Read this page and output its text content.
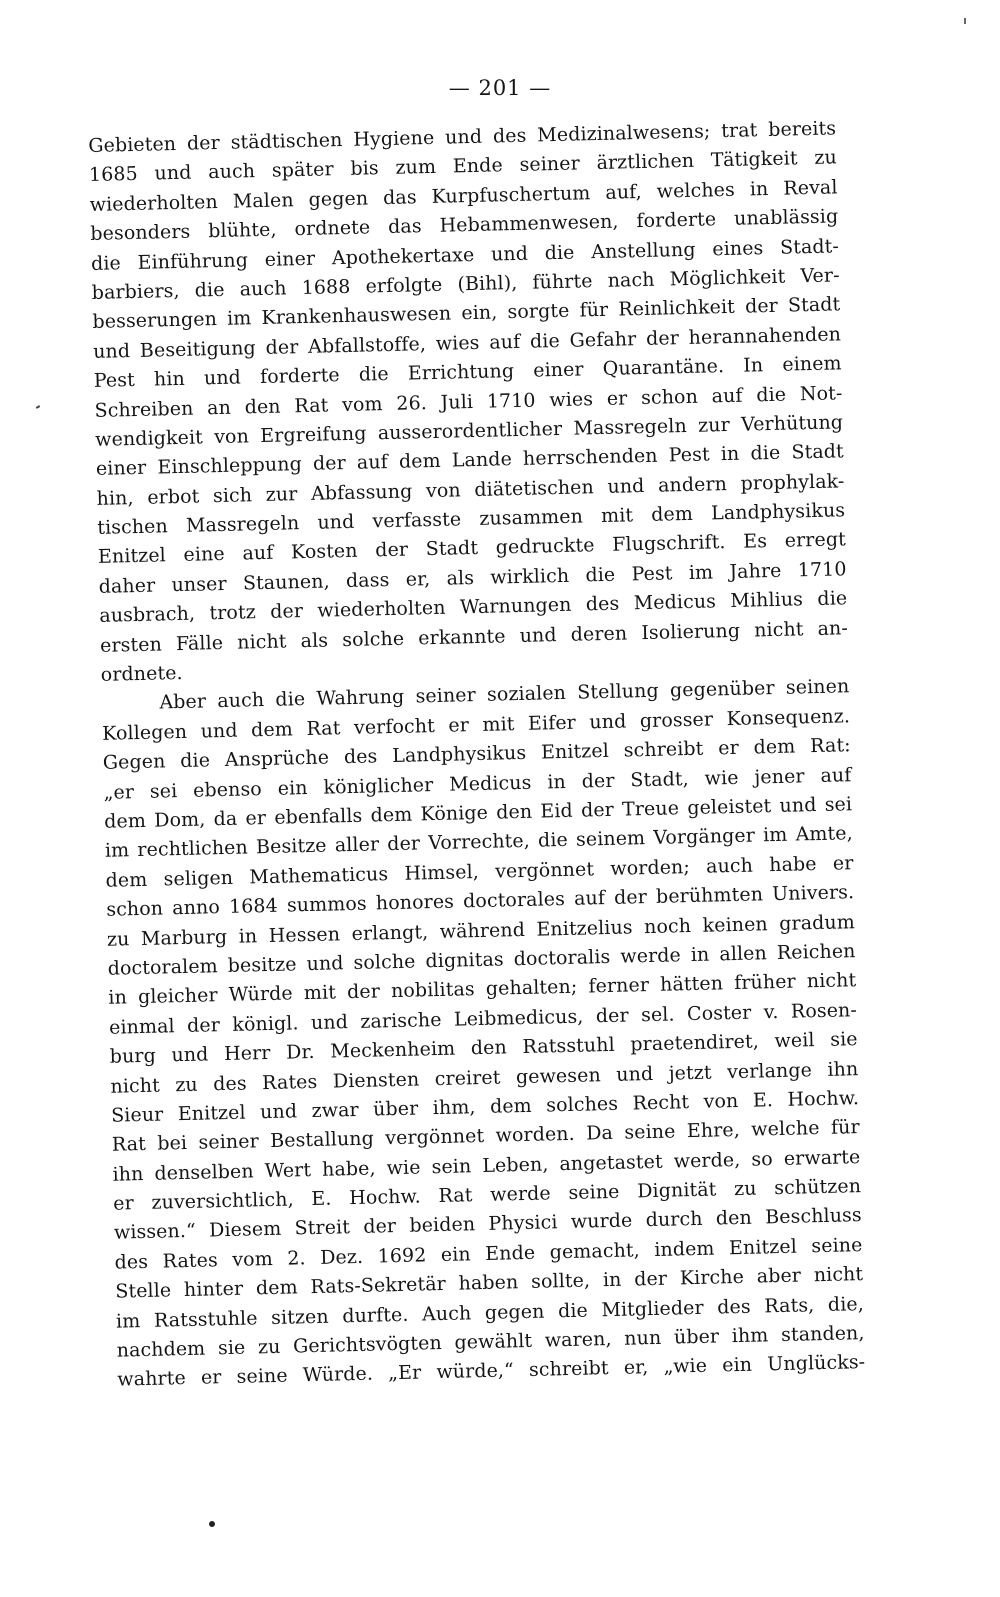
— 201 —
Gebieten der städtischen Hygiene und des Medizinalwesens; trat bereits
1685 und auch später bis zum Ende seiner ärztlichen Tätigkeit zu
wiederholten Malen gegen das Kurpfuschertum auf, welches in Reval
besonders blühte, ordnete das Hebammenwesen, forderte unablässig
die Einführung einer Apothekertaxe und die Anstellung eines Stadt-
barbiers, die auch 1688 erfolgte (Bihl), führte nach Möglichkeit Ver-
besserungen im Krankenhauswesen ein, sorgte für Reinlichkeit der Stadt
und Beseitigung der Abfallstoffe, wies auf die Gefahr der herannahenden
Pest hin und forderte die Errichtung einer Quarantäne. In einem
Schreiben an den Rat vom 26. Juli 1710 wies er schon auf die Not-
wendigkeit von Ergreifung ausserordentlicher Massregeln zur Verhütung
einer Einschleppung der auf dem Lande herrschenden Pest in die Stadt
hin, erbot sich zur Abfassung von diätetischen und andern prophylak-
tischen Massregeln und verfasste zusammen mit dem Landphysikus
Enitzel eine auf Kosten der Stadt gedruckte Flugschrift. Es erregt
daher unser Staunen, dass er, als wirklich die Pest im Jahre 1710
ausbrach, trotz der wiederholten Warnungen des Medicus Mihlius die
ersten Fälle nicht als solche erkannte und deren Isolierung nicht an-
ordnete.
Aber auch die Wahrung seiner sozialen Stellung gegenüber seinen
Kollegen und dem Rat verfocht er mit Eifer und grosser Konsequenz.
Gegen die Ansprüche des Landphysikus Enitzel schreibt er dem Rat:
„er sei ebenso ein königlicher Medicus in der Stadt, wie jener auf
dem Dom, da er ebenfalls dem Könige den Eid der Treue geleistet und sei
im rechtlichen Besitze aller der Vorrechte, die seinem Vorgänger im Amte,
dem seligen Mathematicus Himsel, vergönnet worden; auch habe er
schon anno 1684 summos honores doctorales auf der berühmten Univers.
zu Marburg in Hessen erlangt, während Enitzelius noch keinen gradum
doctoralem besitze und solche dignitas doctoralis werde in allen Reichen
in gleicher Würde mit der nobilitas gehalten; ferner hätten früher nicht
einmal der königl. und zarische Leibmedicus, der sel. Coster v. Rosen-
burg und Herr Dr. Meckenheim den Ratsstuhl praetendiret, weil sie
nicht zu des Rates Diensten creiret gewesen und jetzt verlange ihn
Sieur Enitzel und zwar über ihm, dem solches Recht von E. Hochw.
Rat bei seiner Bestallung vergönnet worden. Da seine Ehre, welche für
ihn denselben Wert habe, wie sein Leben, angetastet werde, so erwarte
er zuversichtlich, E. Hochw. Rat werde seine Dignität zu schützen
wissen.“ Diesem Streit der beiden Physici wurde durch den Beschluss
des Rates vom 2. Dez. 1692 ein Ende gemacht, indem Enitzel seine
Stelle hinter dem Rats-Sekretär haben sollte, in der Kirche aber nicht
im Ratsstuhle sitzen durfte. Auch gegen die Mitglieder des Rats, die,
nachdem sie zu Gerichtsvögten gewählt waren, nun über ihm standen,
wahrte er seine Würde. „Er würde,“ schreibt er, „wie ein Unglücks-
